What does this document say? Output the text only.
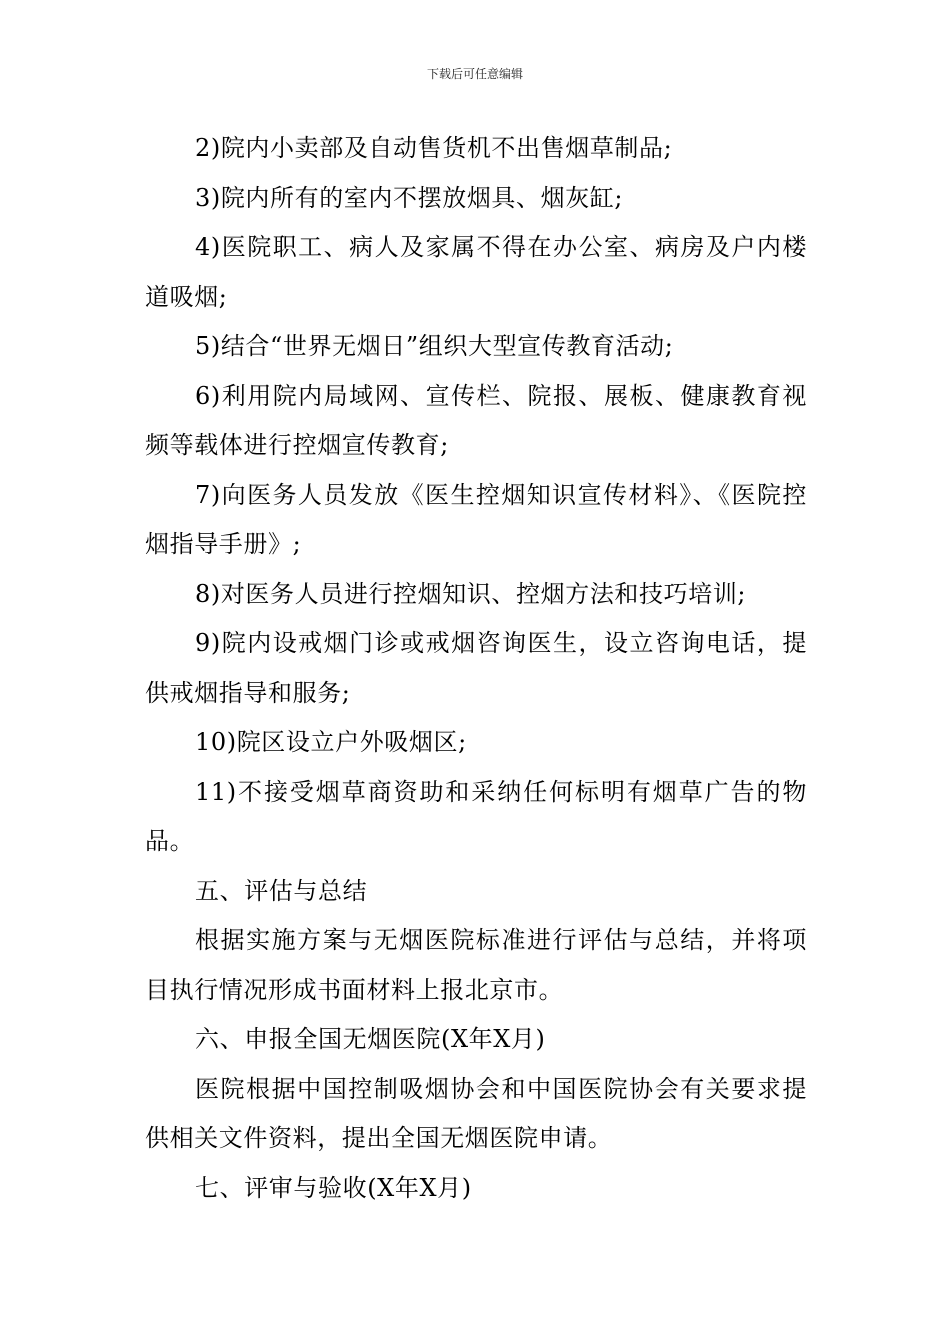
下载后可任意编辑

2)院内小卖部及自动售货机不出售烟草制品;

3)院内所有的室内不摆放烟具、烟灰缸;

4)医院职工、病人及家属不得在办公室、病房及户内楼道吸烟;

5)结合“世界无烟日”组织大型宣传教育活动;

6)利用院内局域网、宣传栏、院报、展板、健康教育视频等载体进行控烟宣传教育;

7)向医务人员发放《医生控烟知识宣传材料》、《医院控烟指导手册》;

8)对医务人员进行控烟知识、控烟方法和技巧培训;

9)院内设戒烟门诊或戒烟咨询医生，设立咨询电话，提供戒烟指导和服务;

10)院区设立户外吸烟区;

11)不接受烟草商资助和采纳任何标明有烟草广告的物品。

五、评估与总结

根据实施方案与无烟医院标准进行评估与总结，并将项目执行情况形成书面材料上报北京市。

六、申报全国无烟医院(X年X月)

医院根据中国控制吸烟协会和中国医院协会有关要求提供相关文件资料，提出全国无烟医院申请。

七、评审与验收(X年X月)
